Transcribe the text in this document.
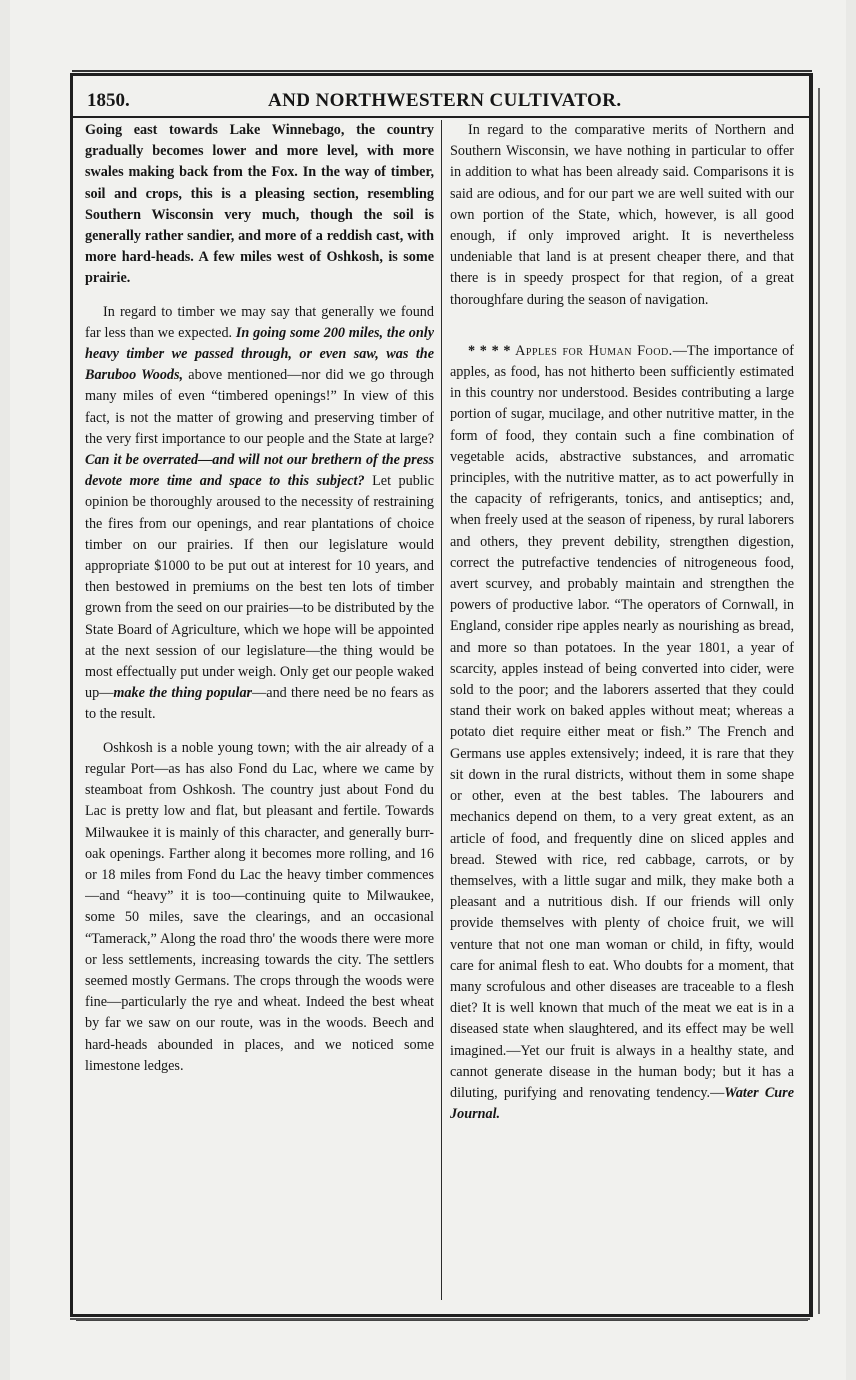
1850.	AND NORTHWESTERN CULTIVATOR.

Going east towards Lake Winnebago, the country gradually becomes lower and more level, with more swales making back from the Fox. In the way of timber, soil and crops, this is a pleasing section, resembling Southern Wisconsin very much, though the soil is generally rather sandier, and more of a reddish cast, with more hard-heads. A few miles west of Oshkosh, is some prairie.

In regard to timber we may say that generally we found far less than we expected. In going some 200 miles, the only heavy timber we passed through, or even saw, was the Baruboo Woods, above mentioned—nor did we go through many miles of even “timbered openings!” In view of this fact, is not the matter of growing and preserving timber of the very first importance to our people and the State at large? Can it be overrated—and will not our brethern of the press devote more time and space to this subject? Let public opinion be thoroughly aroused to the necessity of restraining the fires from our openings, and rear plantations of choice timber on our prairies. If then our legislature would appropriate $1000 to be put out at interest for 10 years, and then bestowed in premiums on the best ten lots of timber grown from the seed on our prairies—to be distributed by the State Board of Agriculture, which we hope will be appointed at the next session of our legislature—the thing would be most effectually put under weigh. Only get our people waked up—make the thing popular—and there need be no fears as to the result.

Oshkosh is a noble young town; with the air already of a regular Port—as has also Fond du Lac, where we came by steamboat from Oshkosh. The country just about Fond du Lac is pretty low and flat, but pleasant and fertile. Towards Milwaukee it is mainly of this character, and generally burr-oak openings. Farther along it becomes more rolling, and 16 or 18 miles from Fond du Lac the heavy timber commences—and “heavy” it is too—continuing quite to Milwaukee, some 50 miles, save the clearings, and an occasional “Tamerack,” Along the road thro' the woods there were more or less settlements, increasing towards the city. The settlers seemed mostly Germans. The crops through the woods were fine—particularly the rye and wheat. Indeed the best wheat by far we saw on our route, was in the woods. Beech and hard-heads abounded in places, and we noticed some limestone ledges.

In regard to the comparative merits of Northern and Southern Wisconsin, we have nothing in particular to offer in addition to what has been already said. Comparisons it is said are odious, and for our part we are well suited with our own portion of the State, which, however, is all good enough, if only improved aright. It is nevertheless undeniable that land is at present cheaper there, and that there is in speedy prospect for that region, of a great thoroughfare during the season of navigation.

* * * * Apples for Human Food.—The importance of apples, as food, has not hitherto been sufficiently estimated in this country nor understood. Besides contributing a large portion of sugar, mucilage, and other nutritive matter, in the form of food, they contain such a fine combination of vegetable acids, abstractive substances, and arromatic principles, with the nutritive matter, as to act powerfully in the capacity of refrigerants, tonics, and antiseptics; and, when freely used at the season of ripeness, by rural laborers and others, they prevent debility, strengthen digestion, correct the putrefactive tendencies of nitrogeneous food, avert scurvey, and probably maintain and strengthen the powers of productive labor. “The operators of Cornwall, in England, consider ripe apples nearly as nourishing as bread, and more so than potatoes. In the year 1801, a year of scarcity, apples instead of being converted into cider, were sold to the poor; and the laborers asserted that they could stand their work on baked apples without meat; whereas a potato diet require either meat or fish.” The French and Germans use apples extensively; indeed, it is rare that they sit down in the rural districts, without them in some shape or other, even at the best tables. The labourers and mechanics depend on them, to a very great extent, as an article of food, and frequently dine on sliced apples and bread. Stewed with rice, red cabbage, carrots, or by themselves, with a little sugar and milk, they make both a pleasant and a nutritious dish. If our friends will only provide themselves with plenty of choice fruit, we will venture that not one man woman or child, in fifty, would care for animal flesh to eat. Who doubts for a moment, that many scrofulous and other diseases are traceable to a flesh diet? It is well known that much of the meat we eat is in a diseased state when slaughtered, and its effect may be well imagined.—Yet our fruit is always in a healthy state, and cannot generate disease in the human body; but it has a diluting, purifying and renovating tendency.—Water Cure Journal.
